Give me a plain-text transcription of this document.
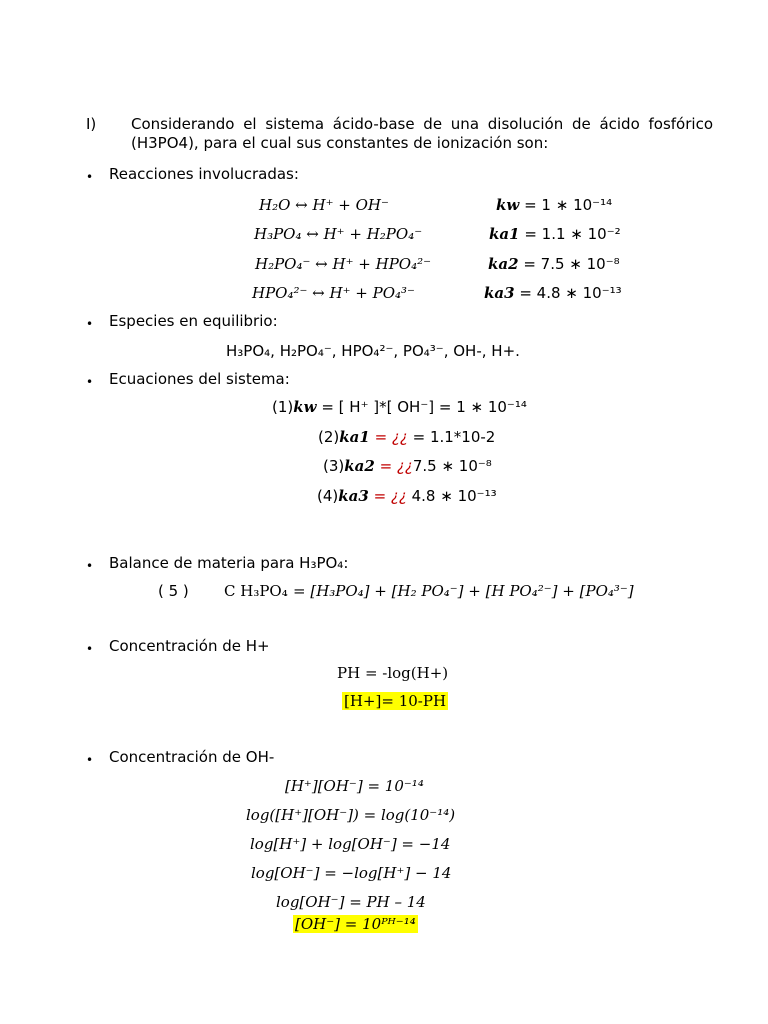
I) Considerando el sistema ácido-base de una disolución de ácido fosfórico
(H3PO4), para el cual sus constantes de ionización son:
• Reacciones involucradas:
H₂O ↔ H⁺ + OH⁻	kw = 1 ∗ 10⁻¹⁴
H₃PO₄ ↔ H⁺ + H₂PO₄⁻	ka1 = 1.1 ∗ 10⁻²
H₂PO₄⁻ ↔ H⁺ + HPO₄²⁻	ka2 = 7.5 ∗ 10⁻⁸
HPO₄²⁻ ↔ H⁺ + PO₄³⁻	ka3 = 4.8 ∗ 10⁻¹³
• Especies en equilibrio:
H₃PO₄, H₂PO₄⁻, HPO₄²⁻, PO₄³⁻, OH-, H+.
• Ecuaciones del sistema:
(1)kw = [ H⁺ ]*[ OH⁻] = 1 ∗ 10⁻¹⁴
(2)ka1 = ¿¿ = 1.1*10-2
(3)ka2 = ¿¿7.5 ∗ 10⁻⁸
(4)ka3 = ¿¿ 4.8 ∗ 10⁻¹³
• Balance de materia para H₃PO₄:
( 5 ) C H₃PO₄ = [H₃PO₄] + [H₂ PO₄⁻] + [H PO₄²⁻] + [PO₄³⁻]
• Concentración de H+
PH = -log(H+)
[H+]= 10-PH
• Concentración de OH-
[H⁺][OH⁻] = 10⁻¹⁴
log([H⁺][OH⁻]) = log(10⁻¹⁴)
log[H⁺] + log[OH⁻] = −14
log[OH⁻] = −log[H⁺] − 14
log[OH⁻] = PH – 14
[OH⁻] = 10ᴾᴴ⁻¹⁴
